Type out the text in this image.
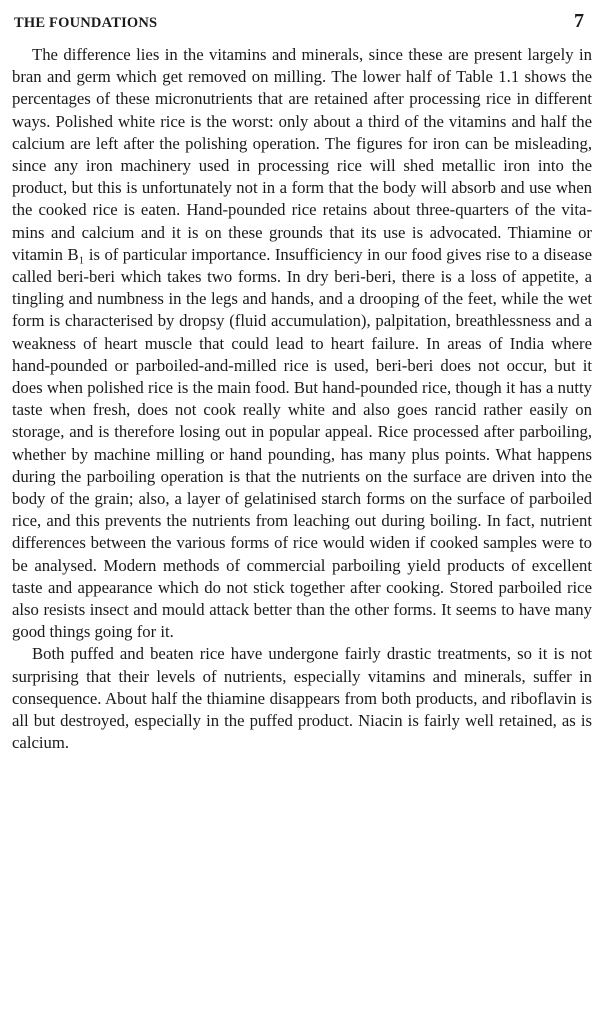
THE FOUNDATIONS	7

The difference lies in the vitamins and minerals, since these are present largely in bran and germ which get removed on milling. The lower half of Table 1.1 shows the percentages of these micronutrients that are retained after processing rice in different ways. Polished white rice is the worst: only about a third of the vitamins and half the calcium are left after the polishing operation. The figures for iron can be misleading, since any iron machinery used in processing rice will shed metallic iron into the product, but this is unfortunately not in a form that the body will absorb and use when the cooked rice is eaten. Hand-pounded rice retains about three-quarters of the vitamins and calcium and it is on these grounds that its use is advocated. Thiamine or vitamin B₁ is of particular importance. Insufficiency in our food gives rise to a disease called beri-beri which takes two forms. In dry beri-beri, there is a loss of appetite, a tingling and numbness in the legs and hands, and a drooping of the feet, while the wet form is characterised by dropsy (fluid accumulation), palpitation, breathlessness and a weakness of heart muscle that could lead to heart failure. In areas of India where hand-pounded or parboiled-and-milled rice is used, beri-beri does not occur, but it does when polished rice is the main food. But hand-pounded rice, though it has a nutty taste when fresh, does not cook really white and also goes rancid rather easily on storage, and is therefore losing out in popular appeal. Rice processed after parboiling, whether by machine milling or hand pounding, has many plus points. What happens during the parboiling operation is that the nutrients on the surface are driven into the body of the grain; also, a layer of gelatinised starch forms on the surface of parboiled rice, and this prevents the nutrients from leaching out during boiling. In fact, nutrient differences between the various forms of rice would widen if cooked samples were to be analysed. Modern methods of commercial parboiling yield products of excellent taste and appearance which do not stick together after cooking. Stored parboiled rice also resists insect and mould attack better than the other forms. It seems to have many good things going for it.

Both puffed and beaten rice have undergone fairly drastic treatments, so it is not surprising that their levels of nutrients, especially vitamins and minerals, suffer in consequence. About half the thiamine disappears from both products, and riboflavin is all but destroyed, especially in the puffed product. Niacin is fairly well retained, as is calcium.
